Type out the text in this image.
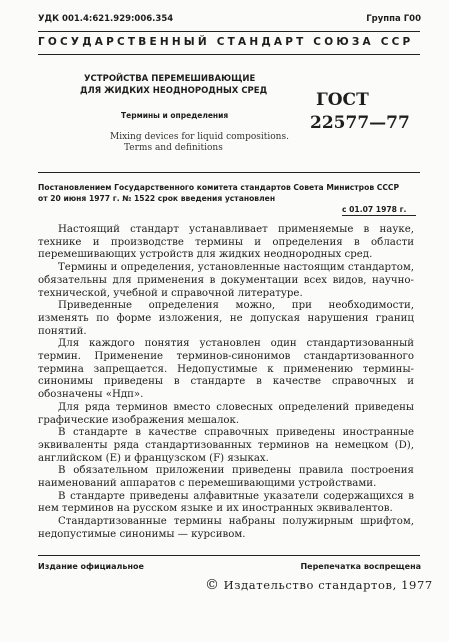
УДК 001.4:621.929:006.354	Группа Г00
ГОСУДАРСТВЕННЫЙ СТАНДАРТ СОЮЗА ССР
УСТРОЙСТВА ПЕРЕМЕШИВАЮЩИЕ
ДЛЯ ЖИДКИХ НЕОДНОРОДНЫХ СРЕД
Термины и определения
Mixing devices for liquid compositions.
Terms and definitions
ГОСТ
22577—77
Постановлением Государственного комитета стандартов Совета Министров СССР
от 20 июня 1977 г. № 1522 срок введения установлен
с 01.07 1978 г.

Настоящий стандарт устанавливает применяемые в науке, технике и производстве термины и определения в области перемешивающих устройств для жидких неоднородных сред.

Термины и определения, установленные настоящим стандартом, обязательны для применения в документации всех видов, научно-технической, учебной и справочной литературе.

Приведенные определения можно, при необходимости, изменять по форме изложения, не допуская нарушения границ понятий.

Для каждого понятия установлен один стандартизованный термин. Применение терминов-синонимов стандартизованного термина запрещается. Недопустимые к применению термины-синонимы приведены в стандарте в качестве справочных и обозначены «Ндп».

Для ряда терминов вместо словесных определений приведены графические изображения мешалок.

В стандарте в качестве справочных приведены иностранные эквиваленты ряда стандартизованных терминов на немецком (D), английском (E) и французском (F) языках.

В обязательном приложении приведены правила построения наименований аппаратов с перемешивающими устройствами.

В стандарте приведены алфавитные указатели содержащихся в нем терминов на русском языке и их иностранных эквивалентов.

Стандартизованные термины набраны полужирным шрифтом, недопустимые синонимы — курсивом.

Издание официальное	Перепечатка воспрещена
© Издательство стандартов, 1977
